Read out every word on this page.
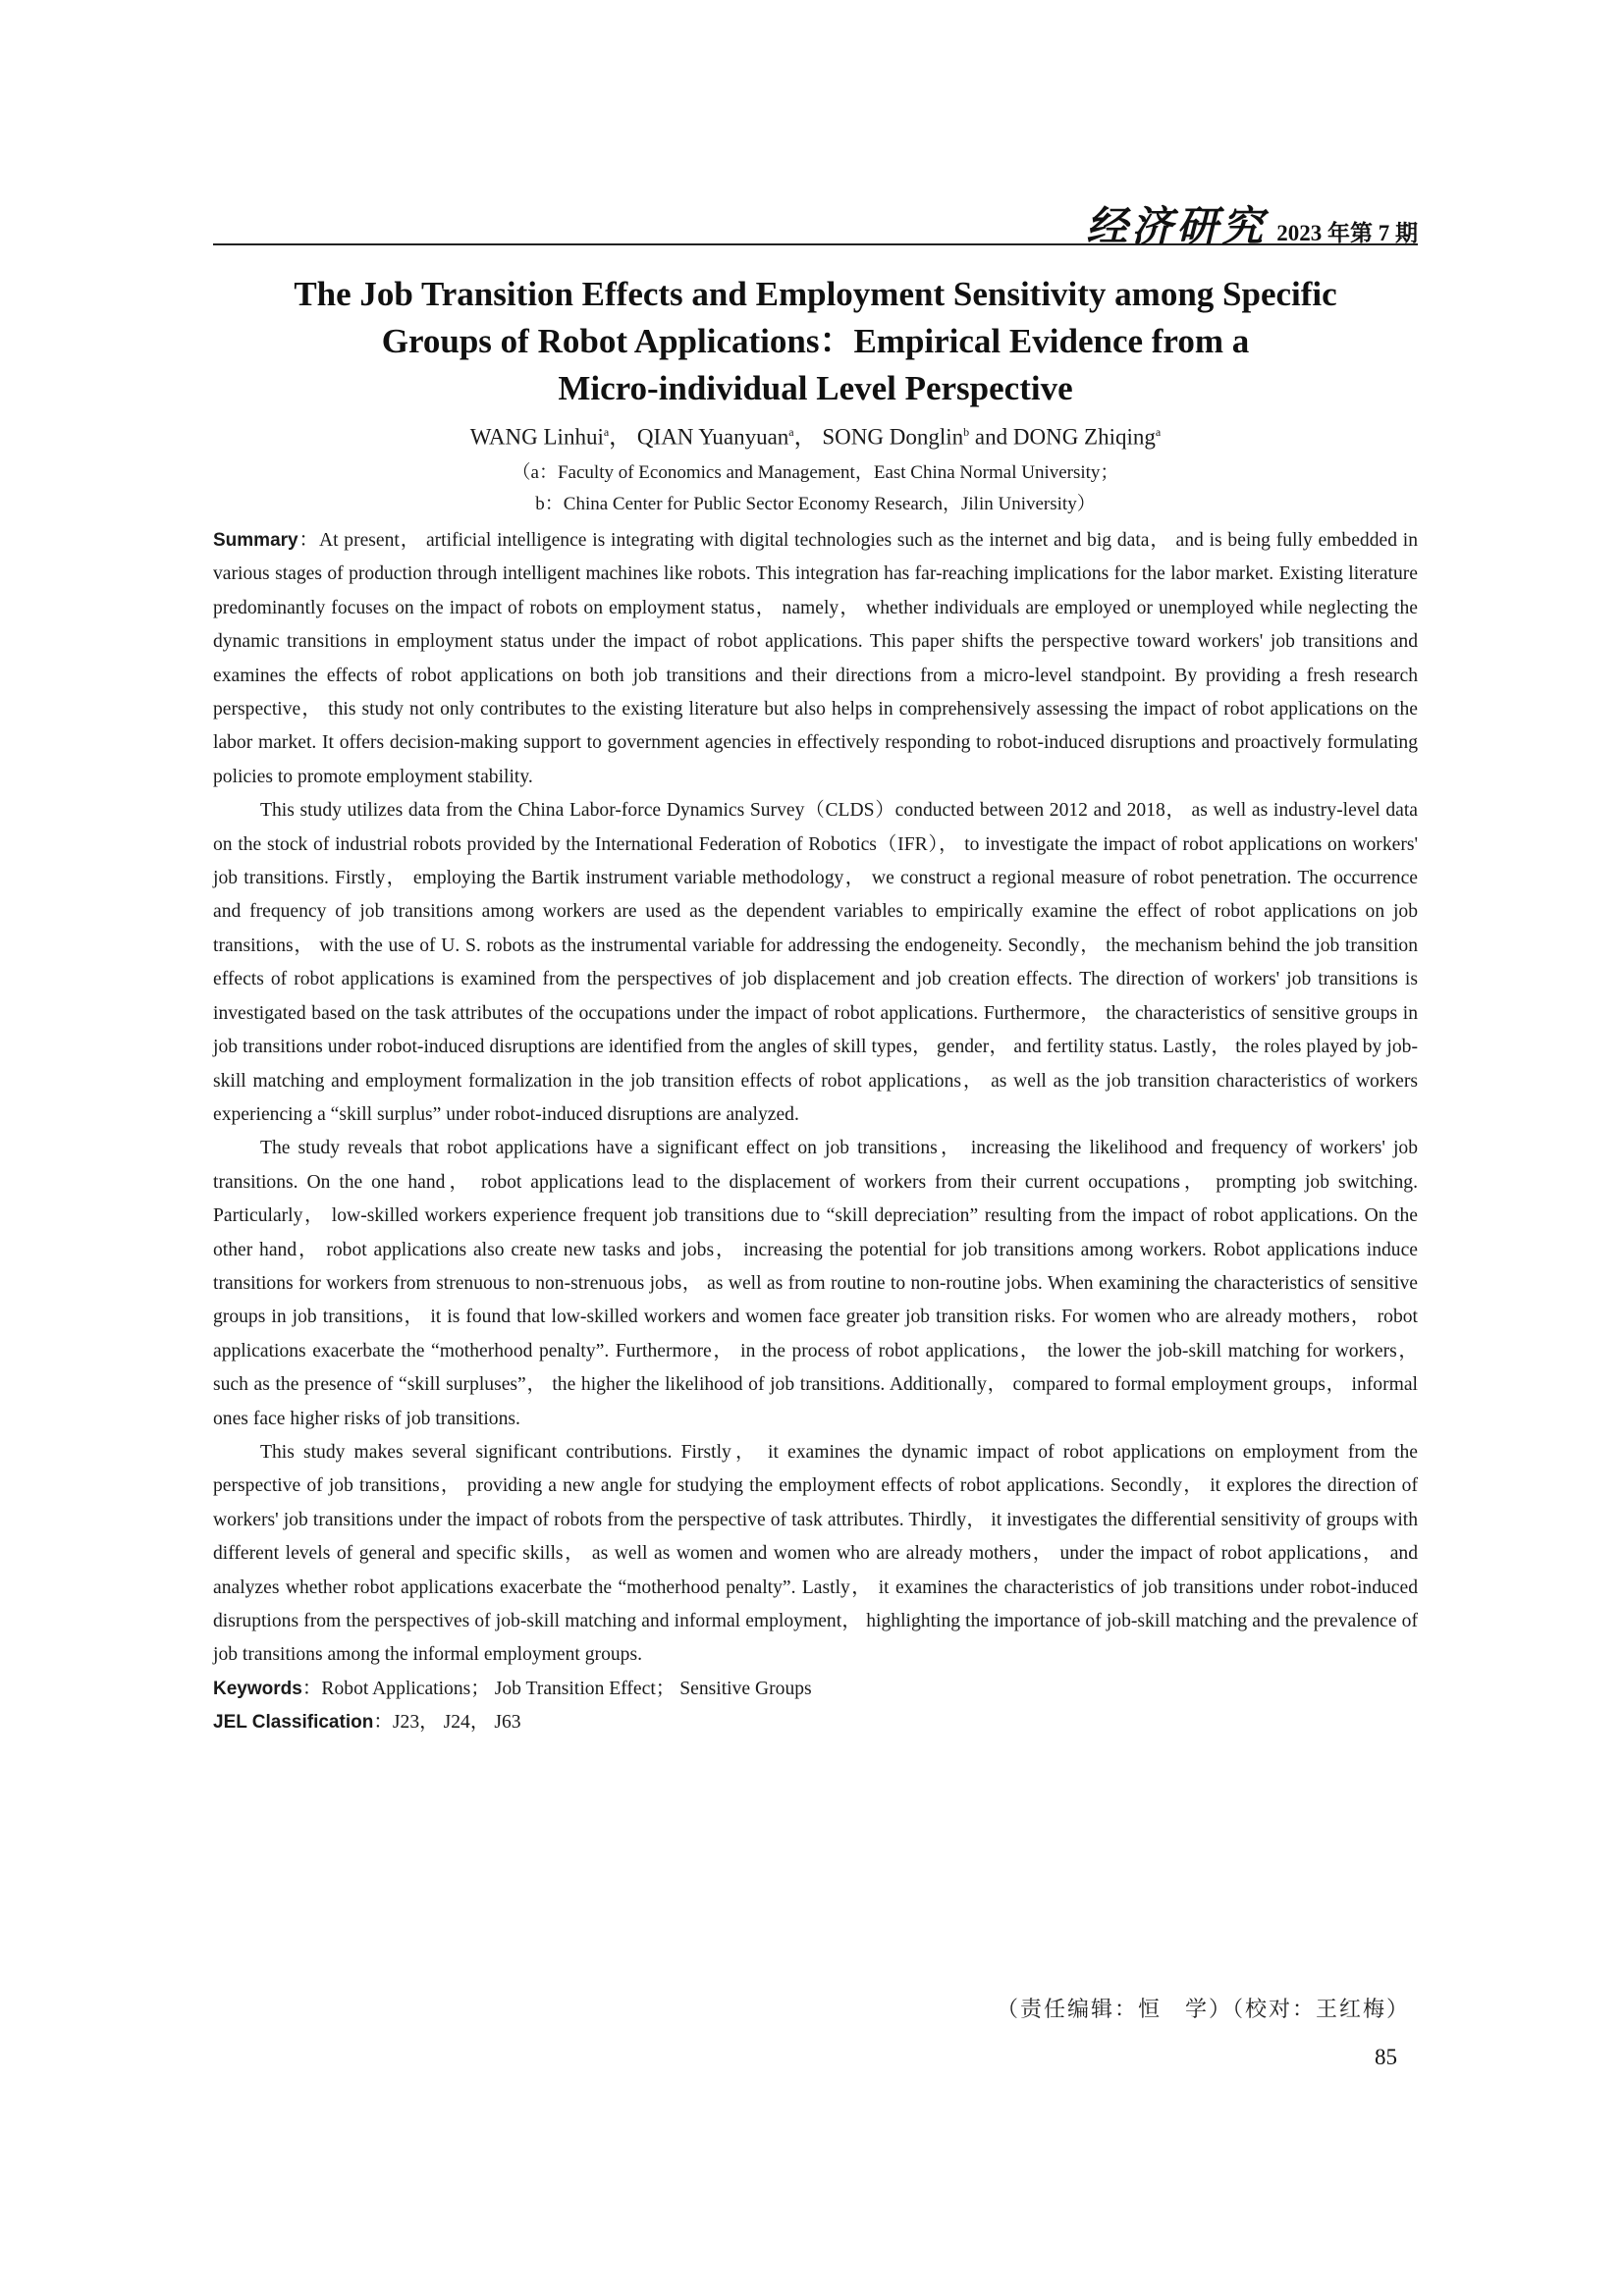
经济研究 2023 年第 7 期
The Job Transition Effects and Employment Sensitivity among Specific
Groups of Robot Applications：Empirical Evidence from a
Micro-individual Level Perspective
WANG Linhui$^a$， QIAN Yuanyuan$^a$， SONG Donglin$^b$ and DONG Zhiqing$^a$
（a：Faculty of Economics and Management，East China Normal University；
b：China Center for Public Sector Economy Research，Jilin University）

Summary：At present， artificial intelligence is integrating with digital technologies such as the internet and big data， and is being fully embedded in various stages of production through intelligent machines like robots. This integration has far-reaching implications for the labor market. Existing literature predominantly focuses on the impact of robots on employment status， namely， whether individuals are employed or unemployed while neglecting the dynamic transitions in employment status under the impact of robot applications. This paper shifts the perspective toward workers' job transitions and examines the effects of robot applications on both job transitions and their directions from a micro-level standpoint. By providing a fresh research perspective， this study not only contributes to the existing literature but also helps in comprehensively assessing the impact of robot applications on the labor market. It offers decision-making support to government agencies in effectively responding to robot-induced disruptions and proactively formulating policies to promote employment stability.

This study utilizes data from the China Labor-force Dynamics Survey（CLDS）conducted between 2012 and 2018， as well as industry-level data on the stock of industrial robots provided by the International Federation of Robotics（IFR）， to investigate the impact of robot applications on workers' job transitions. Firstly， employing the Bartik instrument variable methodology， we construct a regional measure of robot penetration. The occurrence and frequency of job transitions among workers are used as the dependent variables to empirically examine the effect of robot applications on job transitions， with the use of U. S. robots as the instrumental variable for addressing the endogeneity. Secondly， the mechanism behind the job transition effects of robot applications is examined from the perspectives of job displacement and job creation effects. The direction of workers' job transitions is investigated based on the task attributes of the occupations under the impact of robot applications. Furthermore， the characteristics of sensitive groups in job transitions under robot-induced disruptions are identified from the angles of skill types， gender， and fertility status. Lastly， the roles played by job-skill matching and employment formalization in the job transition effects of robot applications， as well as the job transition characteristics of workers experiencing a “skill surplus” under robot-induced disruptions are analyzed.

The study reveals that robot applications have a significant effect on job transitions， increasing the likelihood and frequency of workers' job transitions. On the one hand， robot applications lead to the displacement of workers from their current occupations， prompting job switching. Particularly， low-skilled workers experience frequent job transitions due to “skill depreciation” resulting from the impact of robot applications. On the other hand， robot applications also create new tasks and jobs， increasing the potential for job transitions among workers. Robot applications induce transitions for workers from strenuous to non-strenuous jobs， as well as from routine to non-routine jobs. When examining the characteristics of sensitive groups in job transitions， it is found that low-skilled workers and women face greater job transition risks. For women who are already mothers， robot applications exacerbate the “motherhood penalty”. Furthermore， in the process of robot applications， the lower the job-skill matching for workers， such as the presence of “skill surpluses”， the higher the likelihood of job transitions. Additionally， compared to formal employment groups， informal ones face higher risks of job transitions.

This study makes several significant contributions. Firstly， it examines the dynamic impact of robot applications on employment from the perspective of job transitions， providing a new angle for studying the employment effects of robot applications. Secondly， it explores the direction of workers' job transitions under the impact of robots from the perspective of task attributes. Thirdly， it investigates the differential sensitivity of groups with different levels of general and specific skills， as well as women and women who are already mothers， under the impact of robot applications， and analyzes whether robot applications exacerbate the “motherhood penalty”. Lastly， it examines the characteristics of job transitions under robot-induced disruptions from the perspectives of job-skill matching and informal employment， highlighting the importance of job-skill matching and the prevalence of job transitions among the informal employment groups.

Keywords：Robot Applications； Job Transition Effect； Sensitive Groups

JEL Classification：J23， J24， J63

（责任编辑：恒　学）（校对：王红梅）
85
